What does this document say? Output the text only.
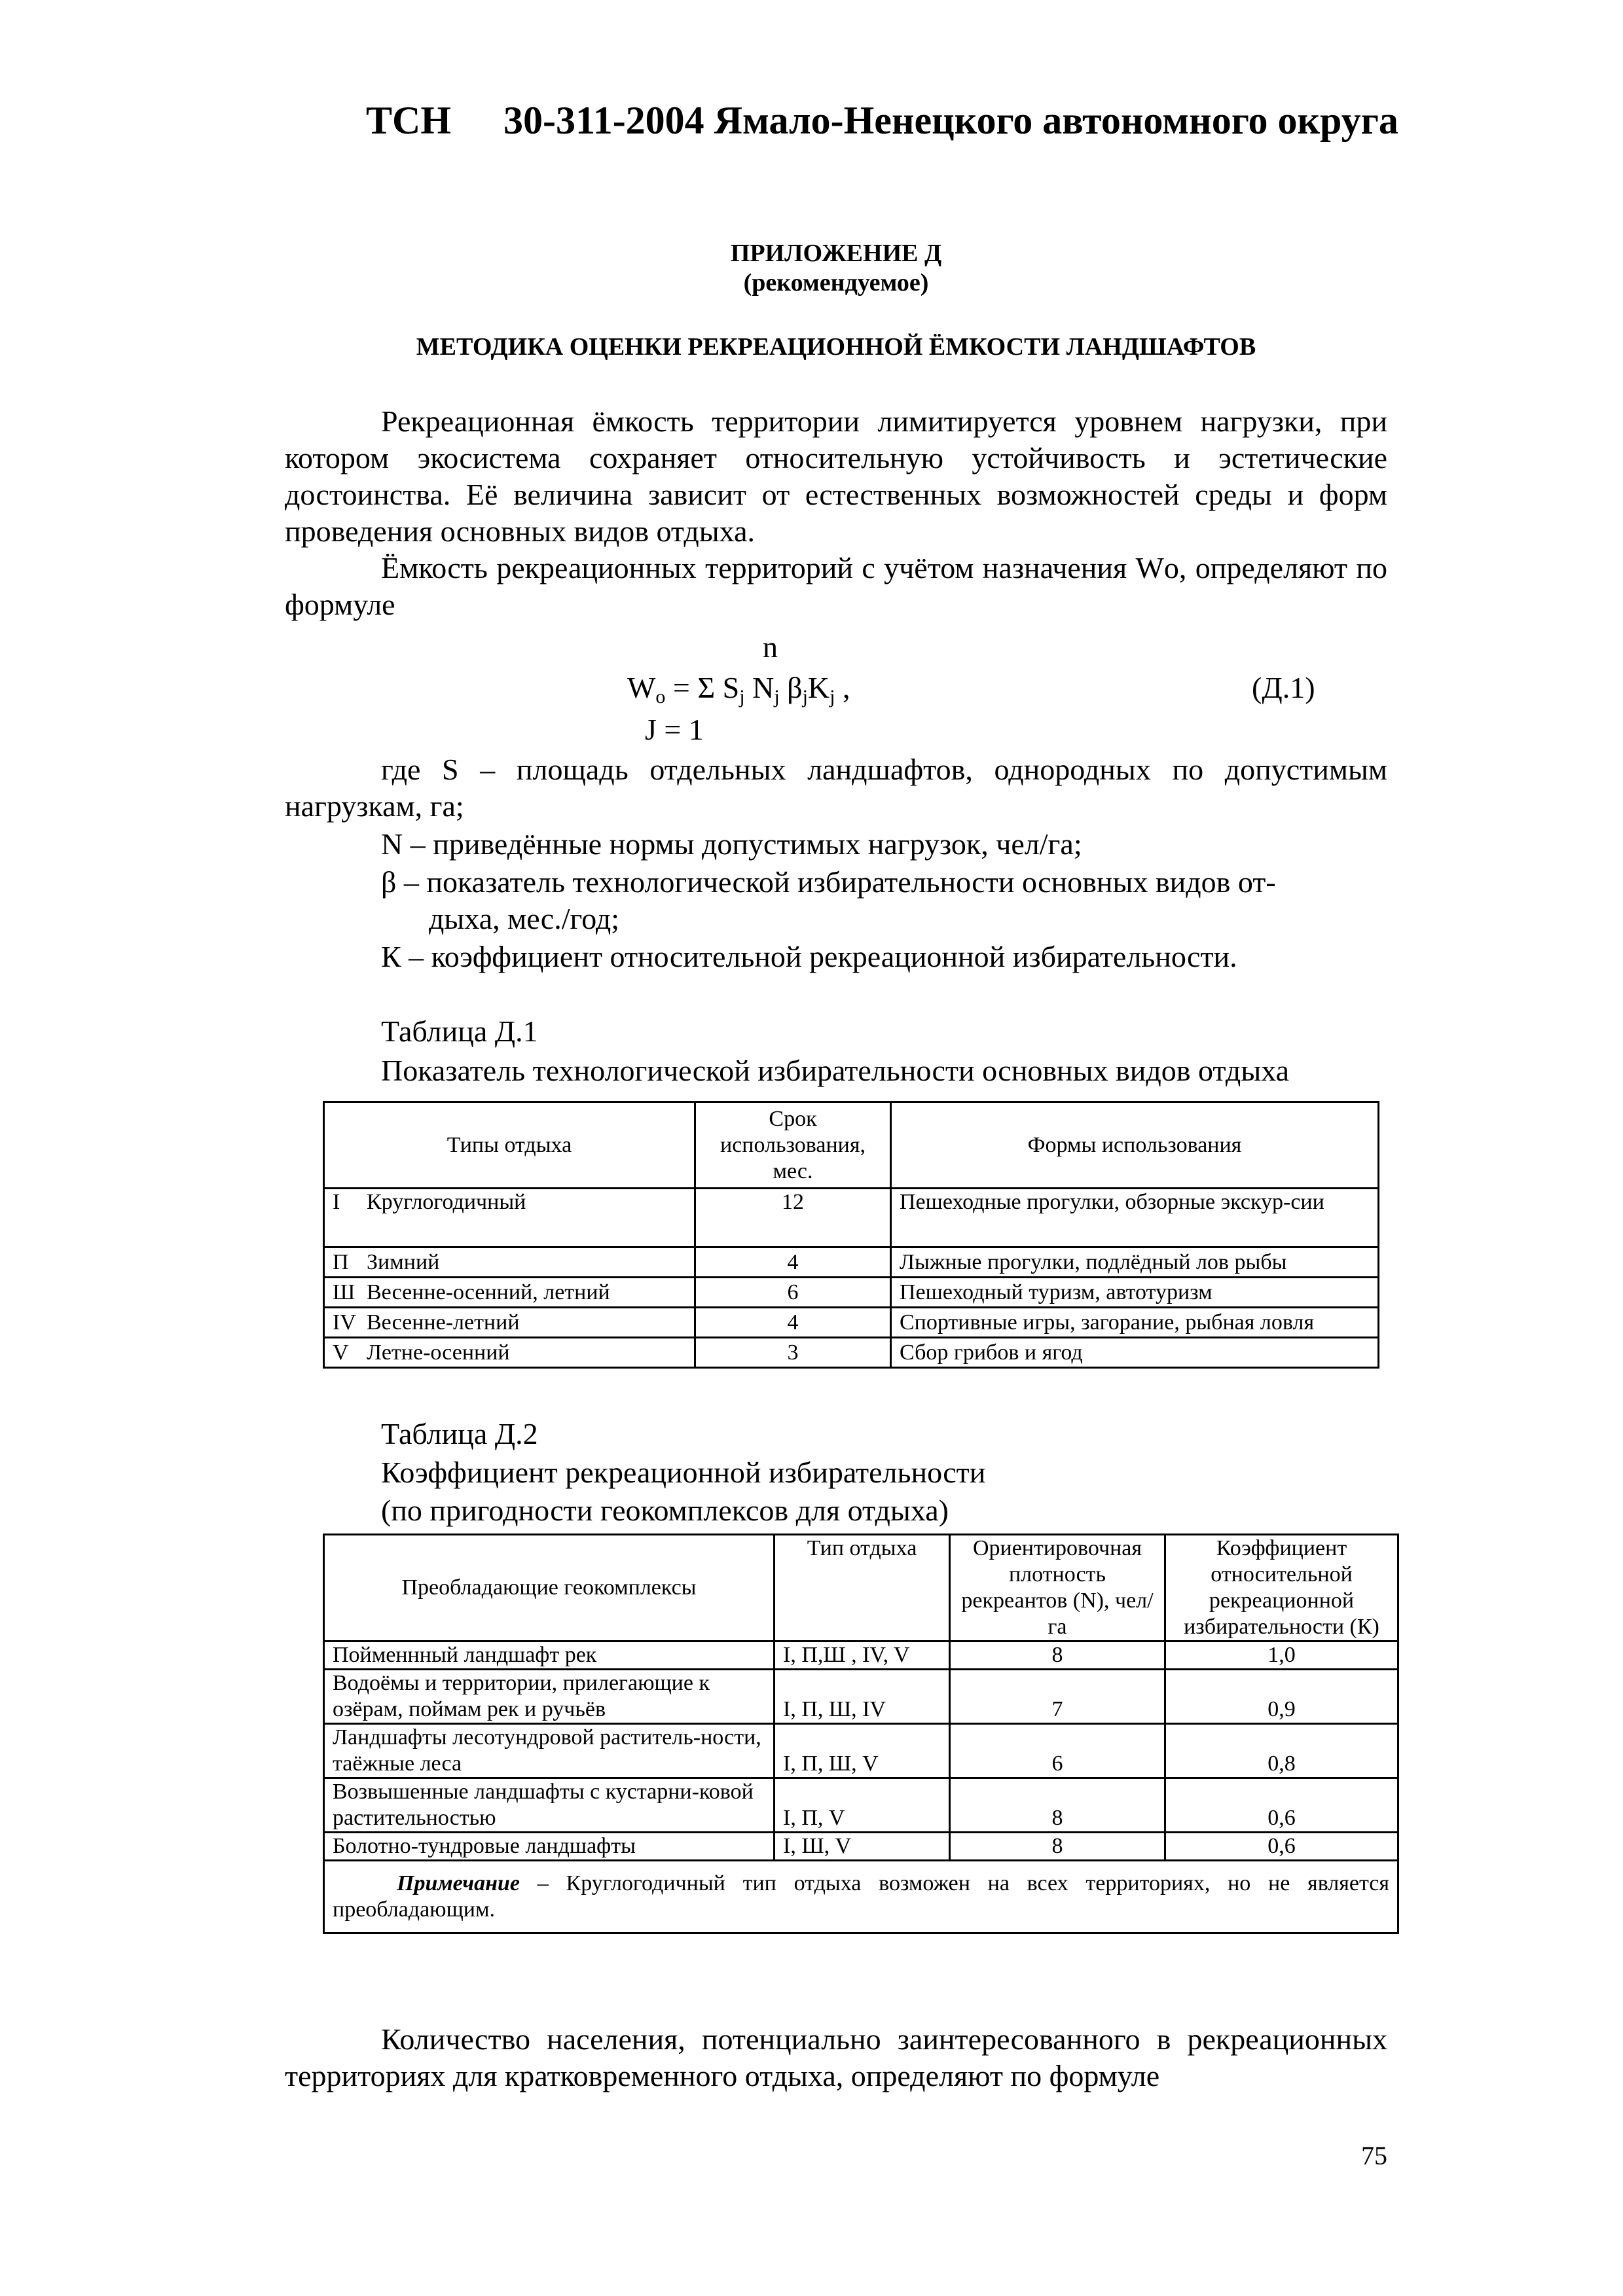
ТСН 30-311-2004 Ямало-Ненецкого автономного округа
ПРИЛОЖЕНИЕ Д
(рекомендуемое)
МЕТОДИКА ОЦЕНКИ РЕКРЕАЦИОННОЙ ЁМКОСТИ ЛАНДШАФТОВ
Рекреационная ёмкость территории лимитируется уровнем нагрузки, при котором экосистема сохраняет относительную устойчивость и эстетические достоинства. Её величина зависит от естественных возможностей среды и форм проведения основных видов отдыха.
Ёмкость рекреационных территорий с учётом назначения Wо, определяют по формуле
n
$W_o = \Sigma$ $S_j$ $N_j$ $\beta_jK_j$ ,
J = 1
(Д.1)
где S – площадь отдельных ландшафтов, однородных по допустимым нагрузкам, га;
N – приведённые нормы допустимых нагрузок, чел/га;
β – показатель технологической избирательности основных видов от-
дыха, мес./год;
К – коэффициент относительной рекреационной избирательности.
Таблица Д.1
Показатель технологической избирательности основных видов отдыха
Типы отдыха	Срок использования, мес.	Формы использования
I Круглогодичный	12	Пешеходные прогулки, обзорные экскур-сии
П Зимний	4	Лыжные прогулки, подлёдный лов рыбы
Ш Весенне-осенний, летний	6	Пешеходный туризм, автотуризм
IV Весенне-летний	4	Спортивные игры, загорание, рыбная ловля
V Летне-осенний	3	Сбор грибов и ягод
Таблица Д.2
Коэффициент рекреационной избирательности
(по пригодности геокомплексов для отдыха)
Преобладающие геокомплексы	Тип отдыха	Ориентировочная плотность рекреантов (N), чел/га	Коэффициент относительной рекреационной избирательности (К)
Пойменнный ландшафт рек	I, П,Ш , IV, V	8	1,0
Водоёмы и территории, прилегающие к озёрам, поймам рек и ручьёв	I, П, Ш, IV	7	0,9
Ландшафты лесотундровой раститель-ности, таёжные леса	I, П, Ш, V	6	0,8
Возвышенные ландшафты с кустарни-ковой растительностью	I, П, V	8	0,6
Болотно-тундровые ландшафты	I, Ш, V	8	0,6
Примечание – Круглогодичный тип отдыха возможен на всех территориях, но не является преобладающим.			
Количество населения, потенциально заинтересованного в рекреационных территориях для кратковременного отдыха, определяют по формуле
75
